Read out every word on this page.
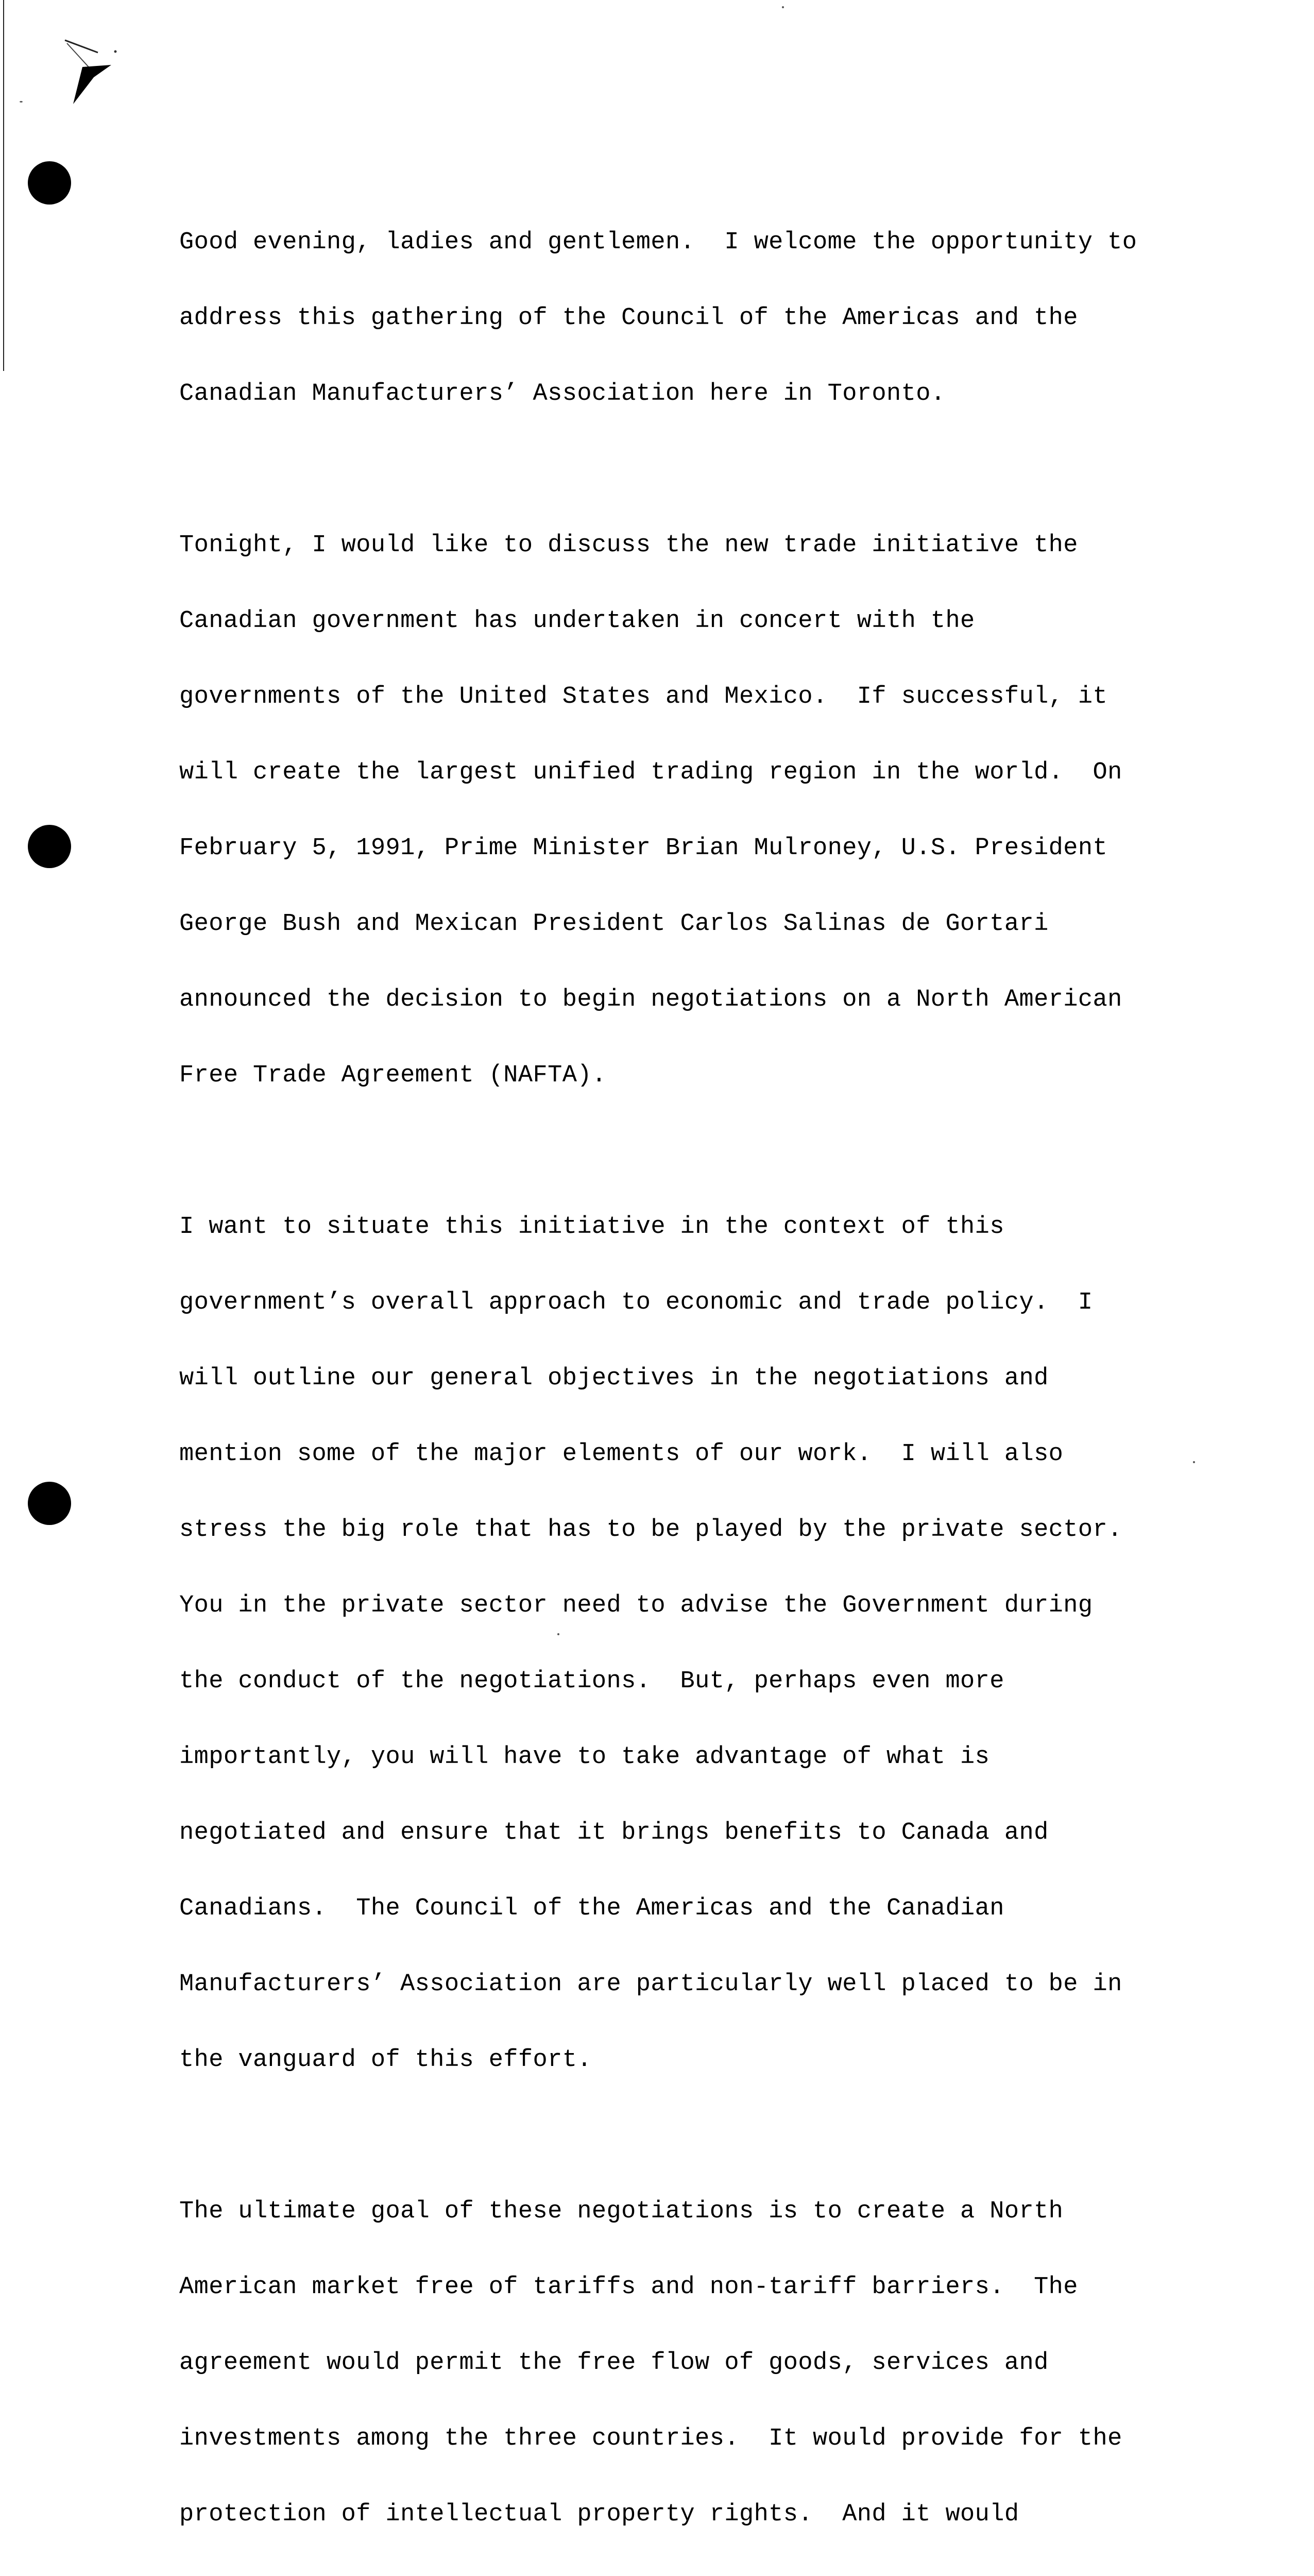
Good evening, ladies and gentlemen.  I welcome the opportunity to

address this gathering of the Council of the Americas and the

Canadian Manufacturers’ Association here in Toronto.

Tonight, I would like to discuss the new trade initiative the

Canadian government has undertaken in concert with the

governments of the United States and Mexico.  If successful, it

will create the largest unified trading region in the world.  On

February 5, 1991, Prime Minister Brian Mulroney, U.S. President

George Bush and Mexican President Carlos Salinas de Gortari

announced the decision to begin negotiations on a North American

Free Trade Agreement (NAFTA).

I want to situate this initiative in the context of this

government’s overall approach to economic and trade policy.  I

will outline our general objectives in the negotiations and

mention some of the major elements of our work.  I will also

stress the big role that has to be played by the private sector.

You in the private sector need to advise the Government during

the conduct of the negotiations.  But, perhaps even more

importantly, you will have to take advantage of what is

negotiated and ensure that it brings benefits to Canada and

Canadians.  The Council of the Americas and the Canadian

Manufacturers’ Association are particularly well placed to be in

the vanguard of this effort.

The ultimate goal of these negotiations is to create a North

American market free of tariffs and non-tariff barriers.  The

agreement would permit the free flow of goods, services and

investments among the three countries.  It would provide for the

protection of intellectual property rights.  And it would
